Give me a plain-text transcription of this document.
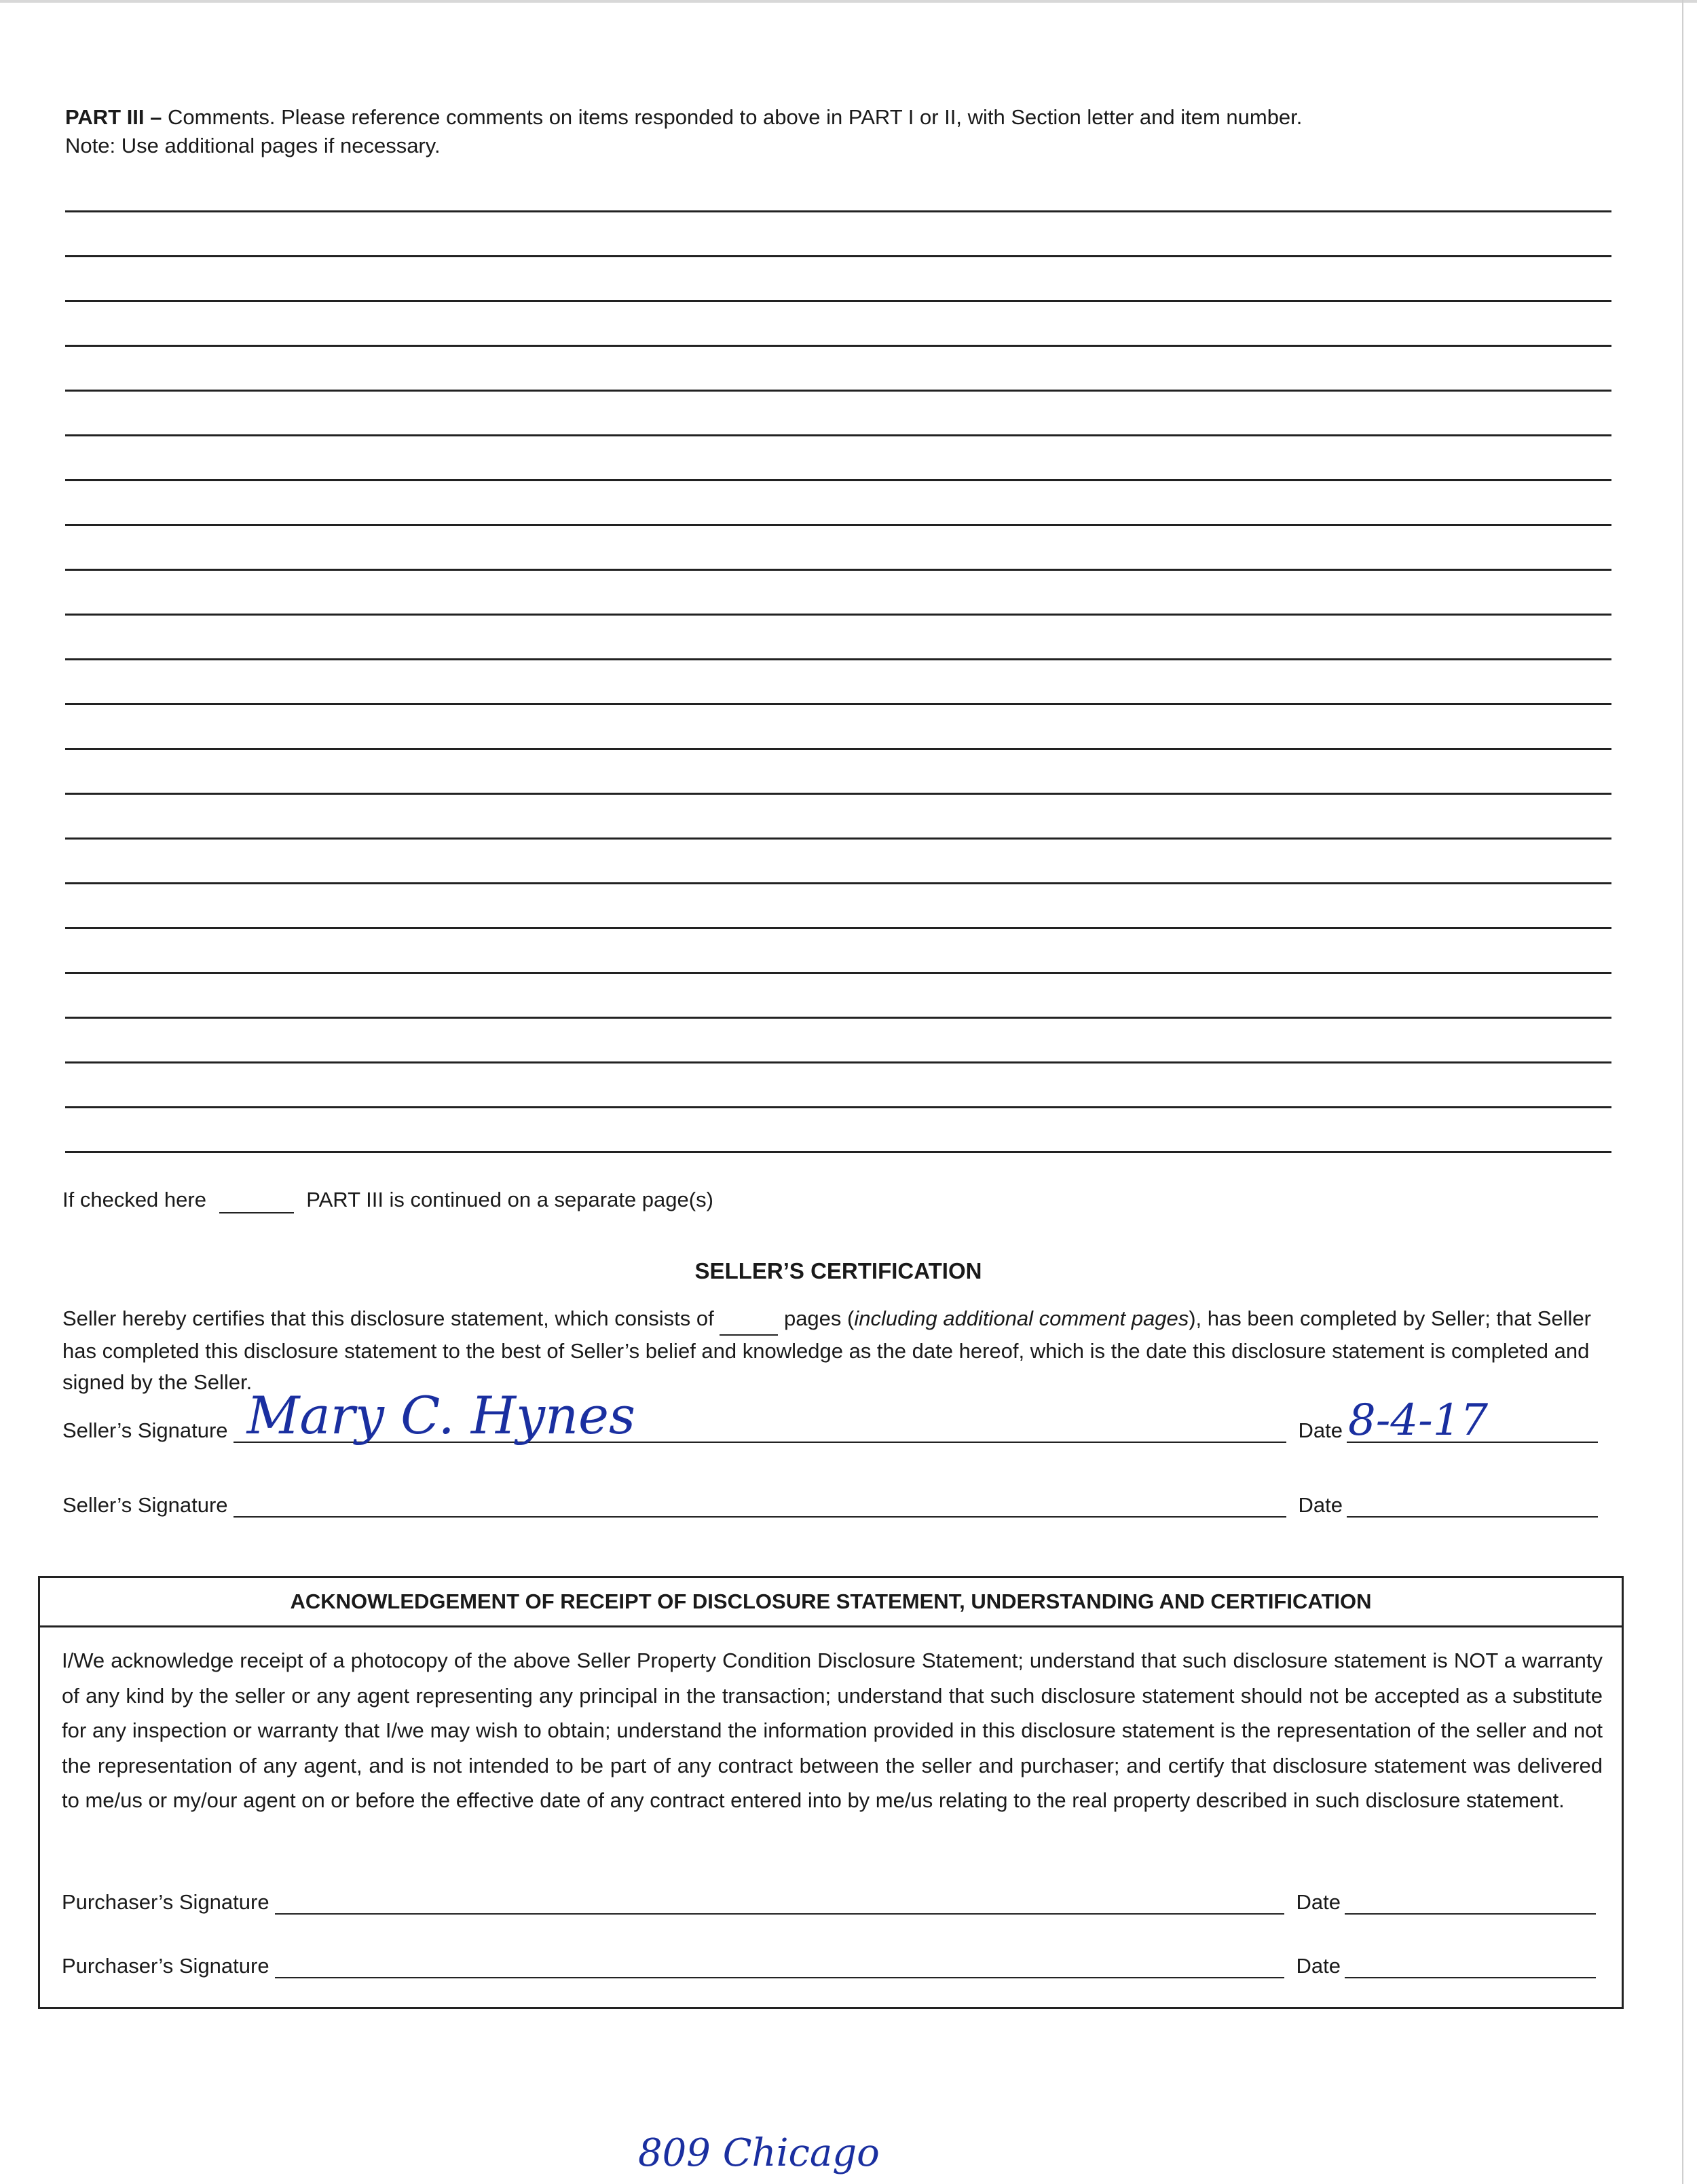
PART III – Comments. Please reference comments on items responded to above in PART I or II, with Section letter and item number.
Note: Use additional pages if necessary.
If checked here	PART III is continued on a separate page(s)
SELLER’S CERTIFICATION
Seller hereby certifies that this disclosure statement, which consists of	pages (including additional comment pages), has been completed by Seller; that Seller has completed this disclosure statement to the best of Seller’s belief and knowledge as the date hereof, which is the date this disclosure statement is completed and signed by the Seller.
Seller’s Signature Mary C. Hynes	Date 8-4-17
Seller’s Signature	Date
ACKNOWLEDGEMENT OF RECEIPT OF DISCLOSURE STATEMENT, UNDERSTANDING AND CERTIFICATION
I/We acknowledge receipt of a photocopy of the above Seller Property Condition Disclosure Statement; understand that such disclosure statement is NOT a warranty of any kind by the seller or any agent representing any principal in the transaction; understand that such disclosure statement should not be accepted as a substitute for any inspection or warranty that I/we may wish to obtain; understand the information provided in this disclosure statement is the representation of the seller and not the representation of any agent, and is not intended to be part of any contract between the seller and purchaser; and certify that disclosure statement was delivered to me/us or my/our agent on or before the effective date of any contract entered into by me/us relating to the real property described in such disclosure statement.
Purchaser’s Signature	Date
Purchaser’s Signature	Date
809 Chicago
